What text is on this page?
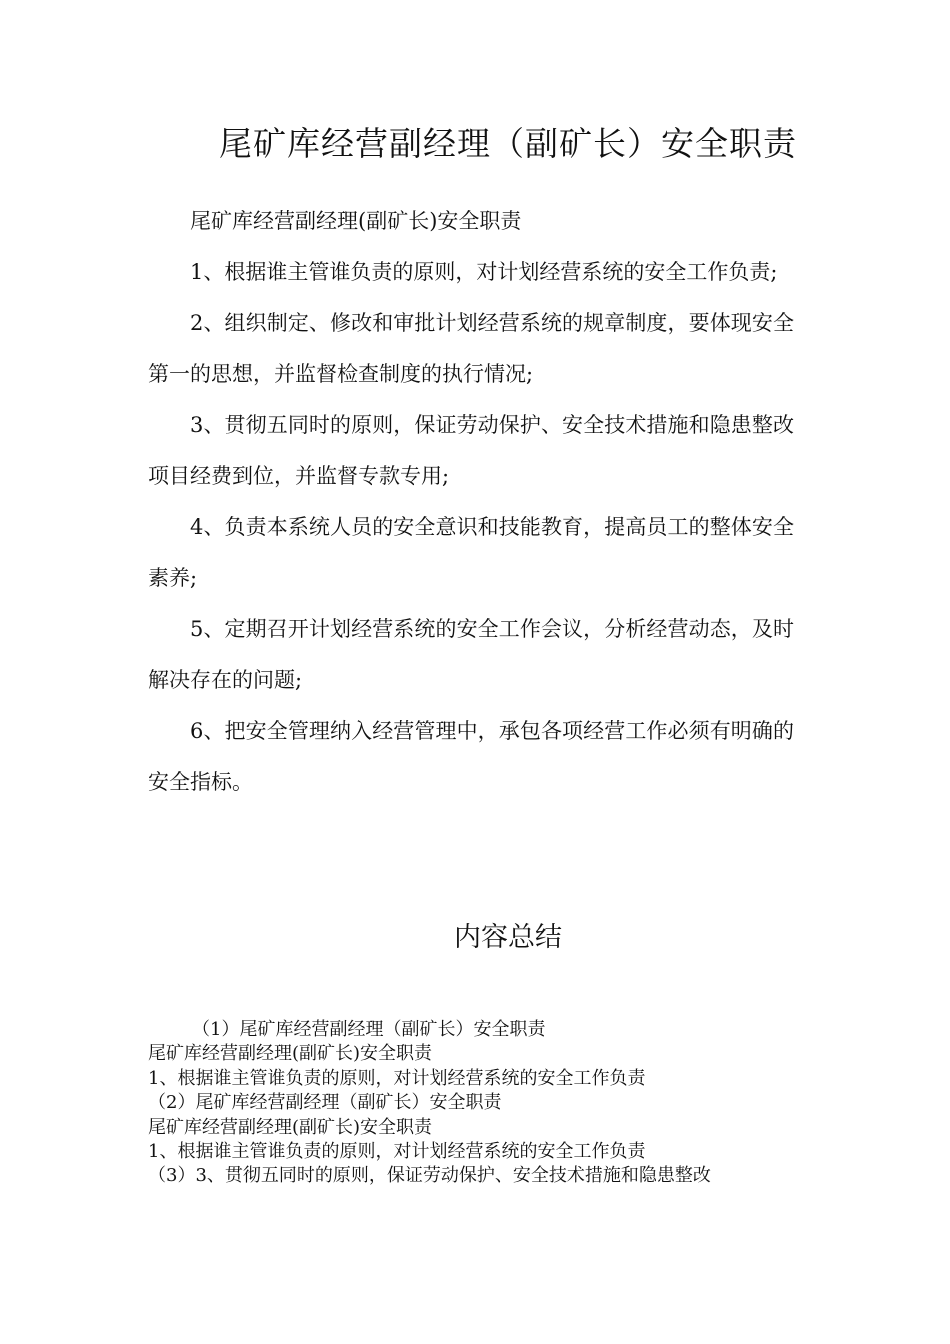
尾矿库经营副经理（副矿长）安全职责

尾矿库经营副经理(副矿长)安全职责

1、根据谁主管谁负责的原则，对计划经营系统的安全工作负责;

2、组织制定、修改和审批计划经营系统的规章制度，要体现安全第一的思想，并监督检查制度的执行情况;

3、贯彻五同时的原则，保证劳动保护、安全技术措施和隐患整改项目经费到位，并监督专款专用;

4、负责本系统人员的安全意识和技能教育，提高员工的整体安全素养;

5、定期召开计划经营系统的安全工作会议，分析经营动态，及时解决存在的问题;

6、把安全管理纳入经营管理中，承包各项经营工作必须有明确的安全指标。

内容总结
（1）尾矿库经营副经理（副矿长）安全职责
尾矿库经营副经理(副矿长)安全职责
1、根据谁主管谁负责的原则，对计划经营系统的安全工作负责
（2）尾矿库经营副经理（副矿长）安全职责
尾矿库经营副经理(副矿长)安全职责
1、根据谁主管谁负责的原则，对计划经营系统的安全工作负责
（3）3、贯彻五同时的原则，保证劳动保护、安全技术措施和隐患整改
